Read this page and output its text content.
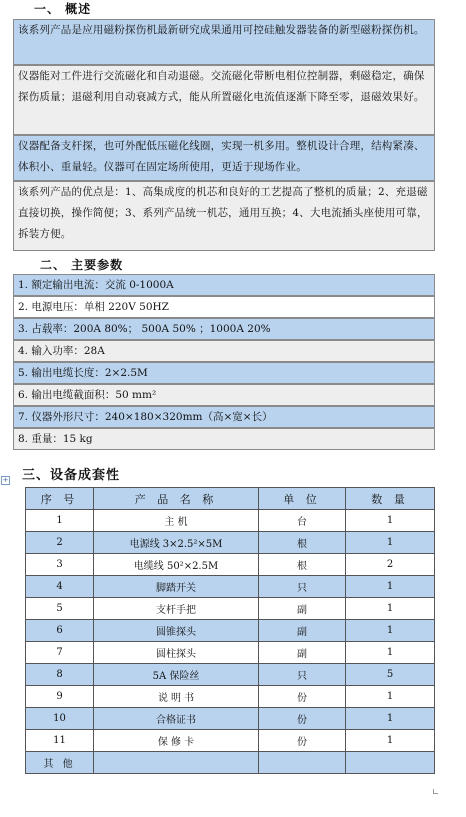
一、 概述
该系列产品是应用磁粉探伤机最新研究成果通用可控硅触发器装备的新型磁粉探伤机。
仪器能对工件进行交流磁化和自动退磁。交流磁化带断电相位控制器，剩磁稳定，确保探伤质量；退磁利用自动衰减方式，能从所置磁化电流值逐渐下降至零，退磁效果好。
仪器配备支杆探，也可外配低压磁化线圈，实现一机多用。整机设计合理，结构紧凑、体积小、重量轻。仪器可在固定场所使用，更适于现场作业。
该系列产品的优点是：1、高集成度的机芯和良好的工艺提高了整机的质量；2、充退磁直接切换，操作简便；3、系列产品统一机芯，通用互换；4、大电流插头座使用可靠，拆装方便。
二、 主要参数
1. 额定输出电流：交流 0-1000A
2. 电源电压：单相 220V 50HZ
3. 占载率：200A 80%； 500A 50% ；1000A 20%
4. 输入功率：28A
5. 输出电缆长度：2×2.5M
6. 输出电缆截面积：50 mm²
7. 仪器外形尺寸：240×180×320mm（高×宽×长）
8. 重量：15 kg
+ 三、设备成套性
序 号	产 品 名 称	单 位	数 量
1	主 机	台	1
2	电源线 3×2.5²×5M	根	1
3	电缆线 50²×2.5M	根	2
4	脚踏开关	只	1
5	支杆手把	副	1
6	圆锥探头	副	1
7	圆柱探头	副	1
8	5A 保险丝	只	5
9	说 明 书	份	1
10	合格证书	份	1
11	保 修 卡	份	1
其 他			
